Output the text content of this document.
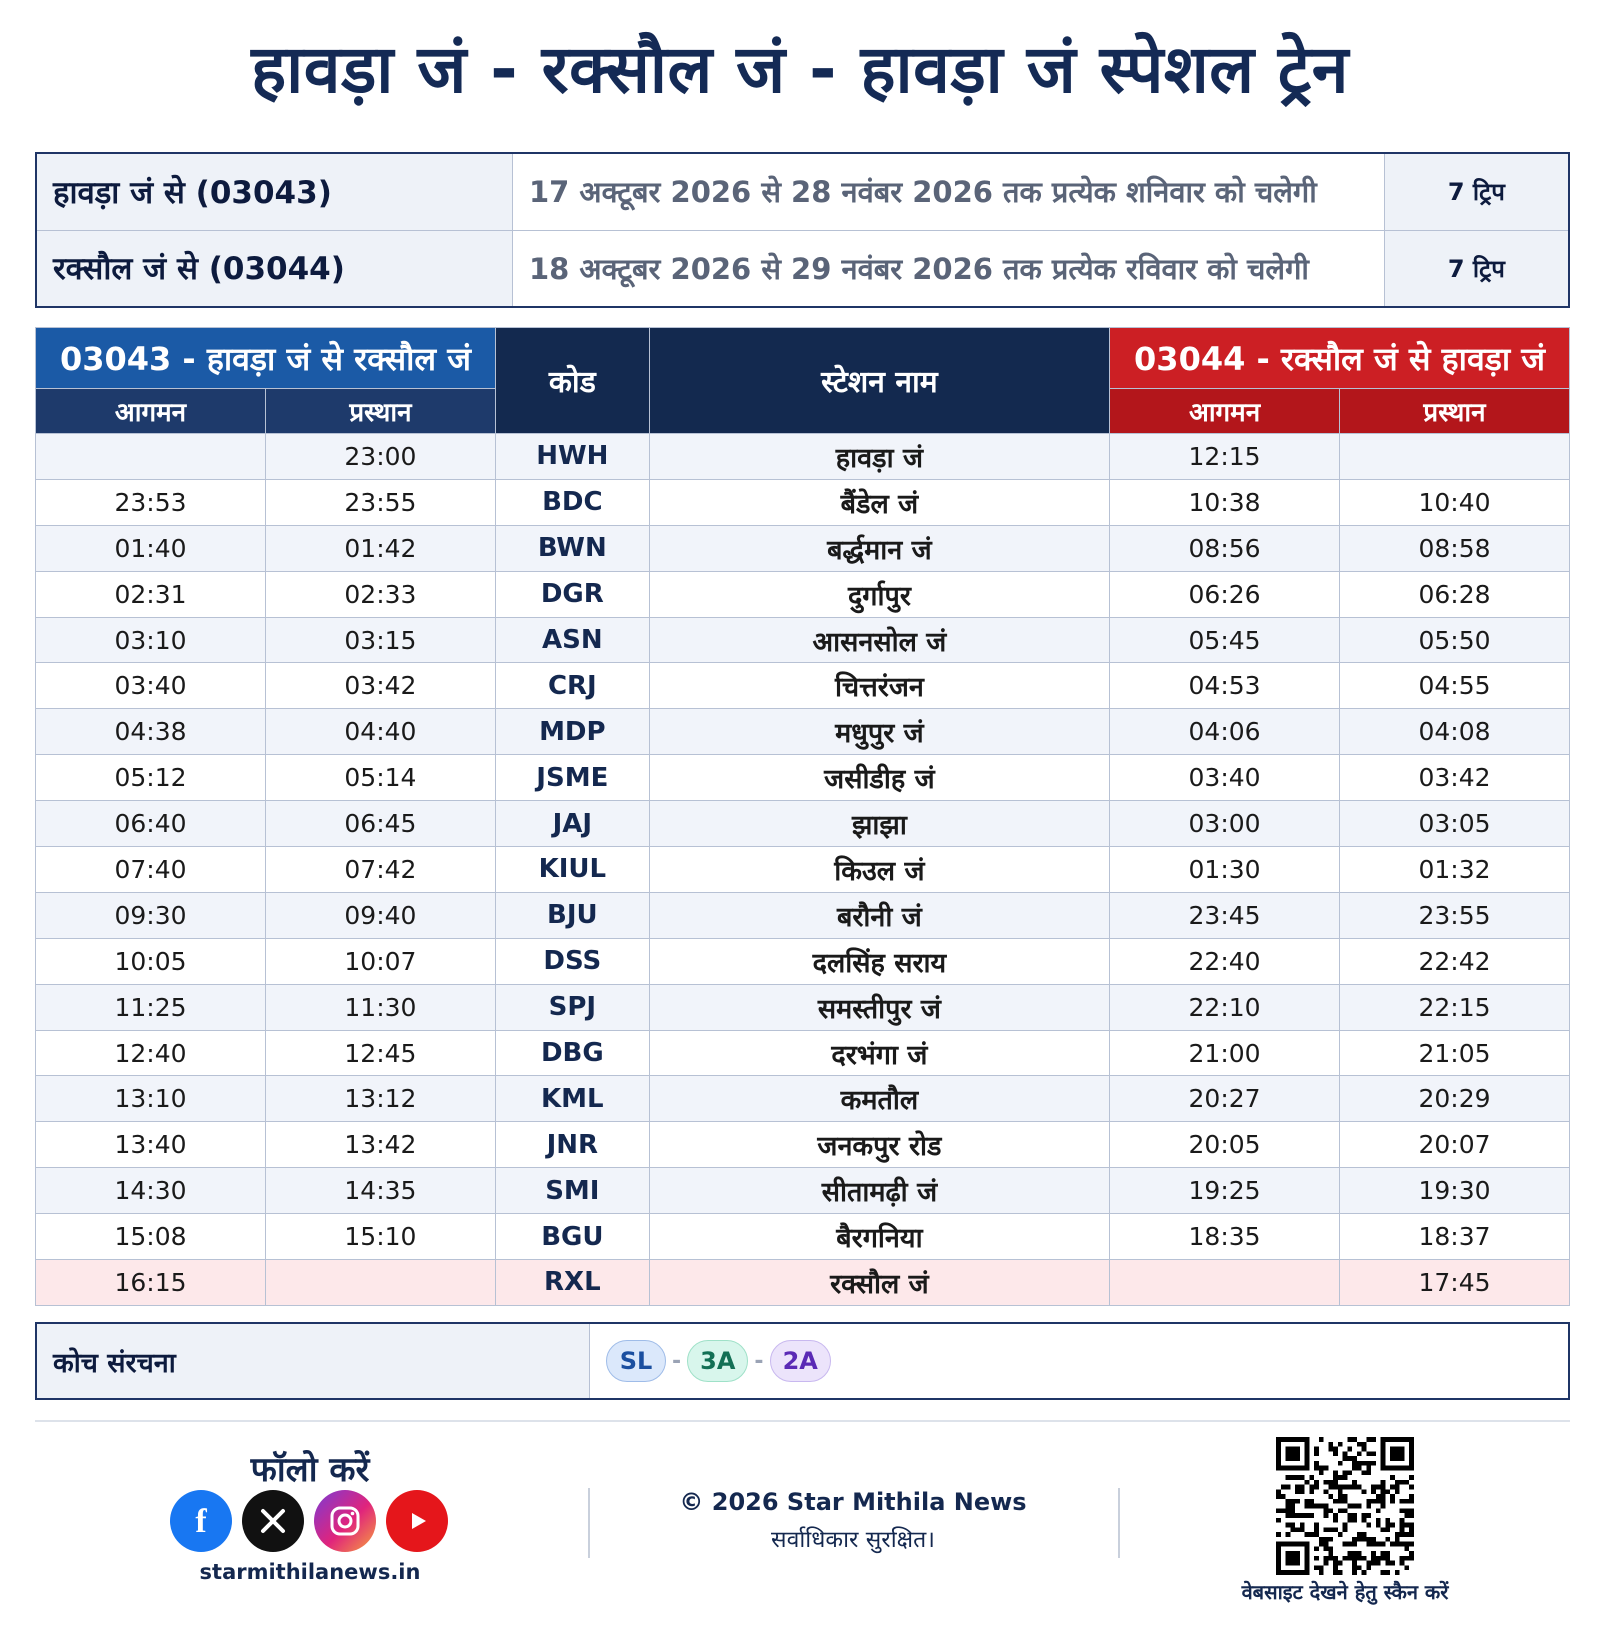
हावड़ा जं - रक्सौल जं - हावड़ा जं स्पेशल ट्रेन
हावड़ा जं से (03043)	17 अक्टूबर 2026 से 28 नवंबर 2026 तक प्रत्येक शनिवार को चलेगी	7 ट्रिप
रक्सौल जं से (03044)	18 अक्टूबर 2026 से 29 नवंबर 2026 तक प्रत्येक रविवार को चलेगी	7 ट्रिप
03043 - हावड़ा जं से रक्सौल जं		कोड	स्टेशन नाम	03044 - रक्सौल जं से हावड़ा जं	
आगमन	प्रस्थान			आगमन	प्रस्थान
	23:00	HWH	हावड़ा जं	12:15	
23:53	23:55	BDC	बैंडेल जं	10:38	10:40
01:40	01:42	BWN	बर्द्धमान जं	08:56	08:58
02:31	02:33	DGR	दुर्गापुर	06:26	06:28
03:10	03:15	ASN	आसनसोल जं	05:45	05:50
03:40	03:42	CRJ	चित्तरंजन	04:53	04:55
04:38	04:40	MDP	मधुपुर जं	04:06	04:08
05:12	05:14	JSME	जसीडीह जं	03:40	03:42
06:40	06:45	JAJ	झाझा	03:00	03:05
07:40	07:42	KIUL	किउल जं	01:30	01:32
09:30	09:40	BJU	बरौनी जं	23:45	23:55
10:05	10:07	DSS	दलसिंह सराय	22:40	22:42
11:25	11:30	SPJ	समस्तीपुर जं	22:10	22:15
12:40	12:45	DBG	दरभंगा जं	21:00	21:05
13:10	13:12	KML	कमतौल	20:27	20:29
13:40	13:42	JNR	जनकपुर रोड	20:05	20:07
14:30	14:35	SMI	सीतामढ़ी जं	19:25	19:30
15:08	15:10	BGU	बैरगनिया	18:35	18:37
16:15		RXL	रक्सौल जं		17:45
कोच संरचना	SL - 3A - 2A
फॉलो करें
f
starmithilanews.in
© 2026 Star Mithila News
सर्वाधिकार सुरक्षित।
वेबसाइट देखने हेतु स्कैन करें
